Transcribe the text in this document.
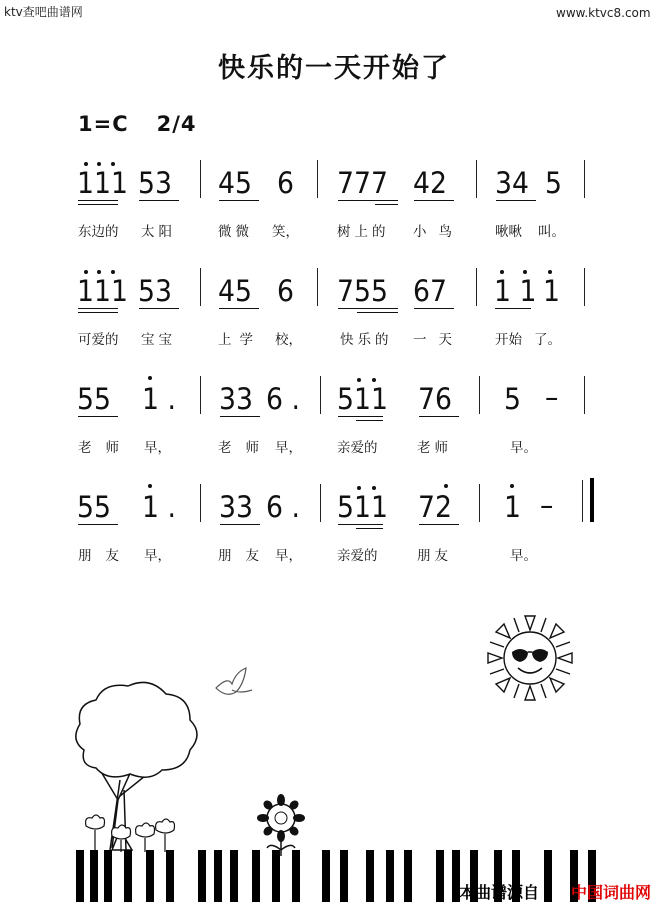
ktv查吧曲谱网	www.ktvc8.com
快乐的一天开始了
1=C 2/4
111 53 45 6 777 42 34 5
东边的 太阳	微微 笑，	树上的 小鸟 啾啾 叫。
111 53 45 6 755 67 1 1 1
可爱的 宝宝	上学 校，	快乐的 一天 开始 了。
55 1 . 33 6 . 511 76 5 –
老师 早，	老师 早，	亲爱的	老师	早。
55 1 . 33 6 . 511 72 1 –
朋友 早，	朋友 早，	亲爱的	朋友	早。
本曲谱源自 中国词曲网
